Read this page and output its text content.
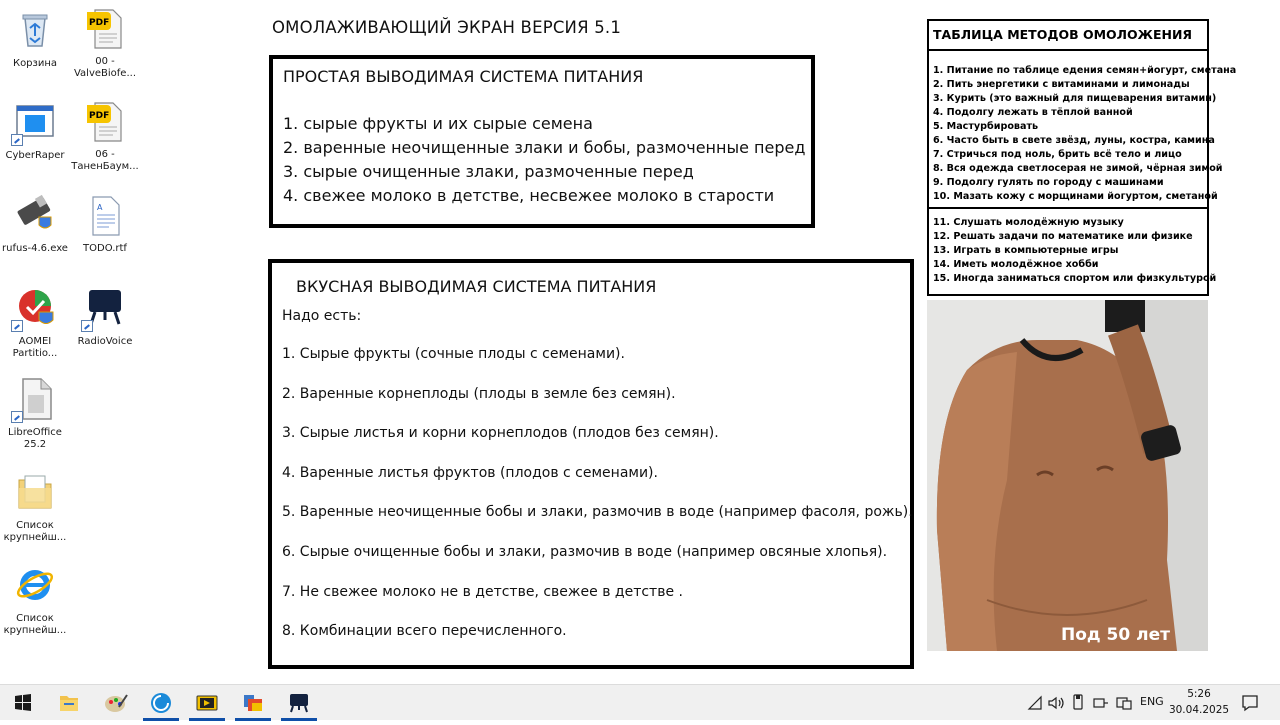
Корзина
CyberRaper
rufus-4.6.exe
AOMEI Partitio...
LibreOffice 25.2
Список крупнейш...
Список крупнейш...
PDF
00 - ValveBiofe...
PDF
06 - ТаненБаум...
A
TODO.rtf
RadioVoice
ОМОЛАЖИВАЮЩИЙ ЭКРАН ВЕРСИЯ 5.1
ПРОСТАЯ ВЫВОДИМАЯ СИСТЕМА ПИТАНИЯ
1. сырые фрукты и их сырые семена
2. варенные неочищенные злаки и бобы, размоченные перед
3. сырые очищенные злаки, размоченные перед
4. свежее молоко в детстве, несвежее молоко в старости
ВКУСНАЯ ВЫВОДИМАЯ СИСТЕМА ПИТАНИЯ
Надо есть:
1. Сырые фрукты (сочные плоды с семенами).
2. Варенные корнеплоды (плоды в земле без семян).
3. Сырые листья и корни корнеплодов (плодов без семян).
4. Варенные листья фруктов (плодов с семенами).
5. Варенные неочищенные бобы и злаки, размочив в воде (например фасоля, рожь).
6. Сырые очищенные бобы и злаки, размочив в воде (например овсяные хлопья).
7. Не свежее молоко не в детстве, свежее в детстве .
8. Комбинации всего перечисленного.
ТАБЛИЦА МЕТОДОВ ОМОЛОЖЕНИЯ
1. Питание по таблице едения семян+йогурт, сметана
2. Пить энергетики с витаминами и лимонады
3. Курить (это важный для пищеварения витамин)
4. Подолгу лежать в тёплой ванной
5. Мастурбировать
6. Часто быть в свете звёзд, луны, костра, камина
7. Стричься под ноль, брить всё тело и лицо
8. Вся одежда светлосерая не зимой, чёрная зимой
9. Подолгу гулять по городу с машинами
10. Мазать кожу с морщинами йогуртом, сметаной
11. Слушать молодёжную музыку
12. Решать задачи по математике или физике
13. Играть в компьютерные игры
14. Иметь молодёжное хобби
15. Иногда заниматься спортом или физкультурой
Под 50 лет
ENG
5:26
30.04.2025
